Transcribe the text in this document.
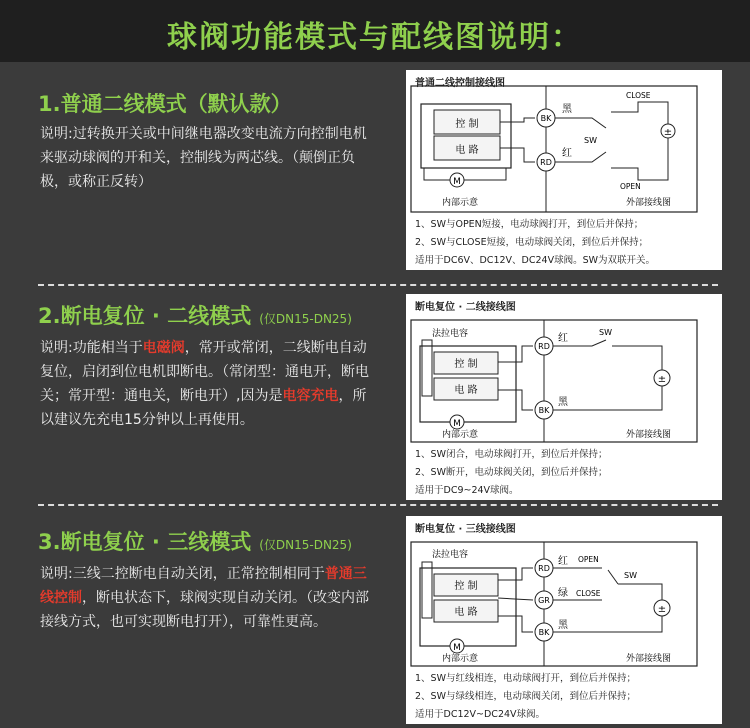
球阀功能模式与配线图说明：
1.普通二线模式（默认款）
说明:过转换开关或中间继电器改变电流方向控制电机来驱动球阀的开和关，控制线为两芯线。（颠倒正负极，或称正反转）
普通二线控制接线图
控 制
电 路
M
BK
RD
黑
红
SW
±
CLOSE
OPEN
内部示意	外部接线图
1、SW与OPEN短接，电动球阀打开，到位后并保持；
2、SW与CLOSE短接，电动球阀关闭，到位后并保持；
适用于DC6V、DC12V、DC24V球阀。SW为双联开关。
2.断电复位 · 二线模式 (仅DN15-DN25)
说明:功能相当于电磁阀，常开或常闭，二线断电自动复位，启闭到位电机即断电。（常闭型：通电开，断电关；常开型：通电关，断电开）,因为是电容充电，所以建议先充电15分钟以上再使用。
断电复位 · 二线接线图
法拉电容
控 制
电 路
M
RD
BK
红
黑
SW
±
内部示意	外部接线图
1、SW闭合，电动球阀打开，到位后并保持；
2、SW断开，电动球阀关闭，到位后并保持；
适用于DC9~24V球阀。
3.断电复位 · 三线模式 (仅DN15-DN25)
说明:三线二控断电自动关闭，正常控制相同于普通三线控制，断电状态下，球阀实现自动关闭。（改变内部接线方式，也可实现断电打开），可靠性更高。
断电复位 · 三线接线图
法拉电容
控 制
电 路
M
RD
GR
BK
红
绿
黑
OPEN
CLOSE
SW
±
内部示意	外部接线图
1、SW与红线相连，电动球阀打开，到位后并保持；
2、SW与绿线相连，电动球阀关闭，到位后并保持；
适用于DC12V~DC24V球阀。
